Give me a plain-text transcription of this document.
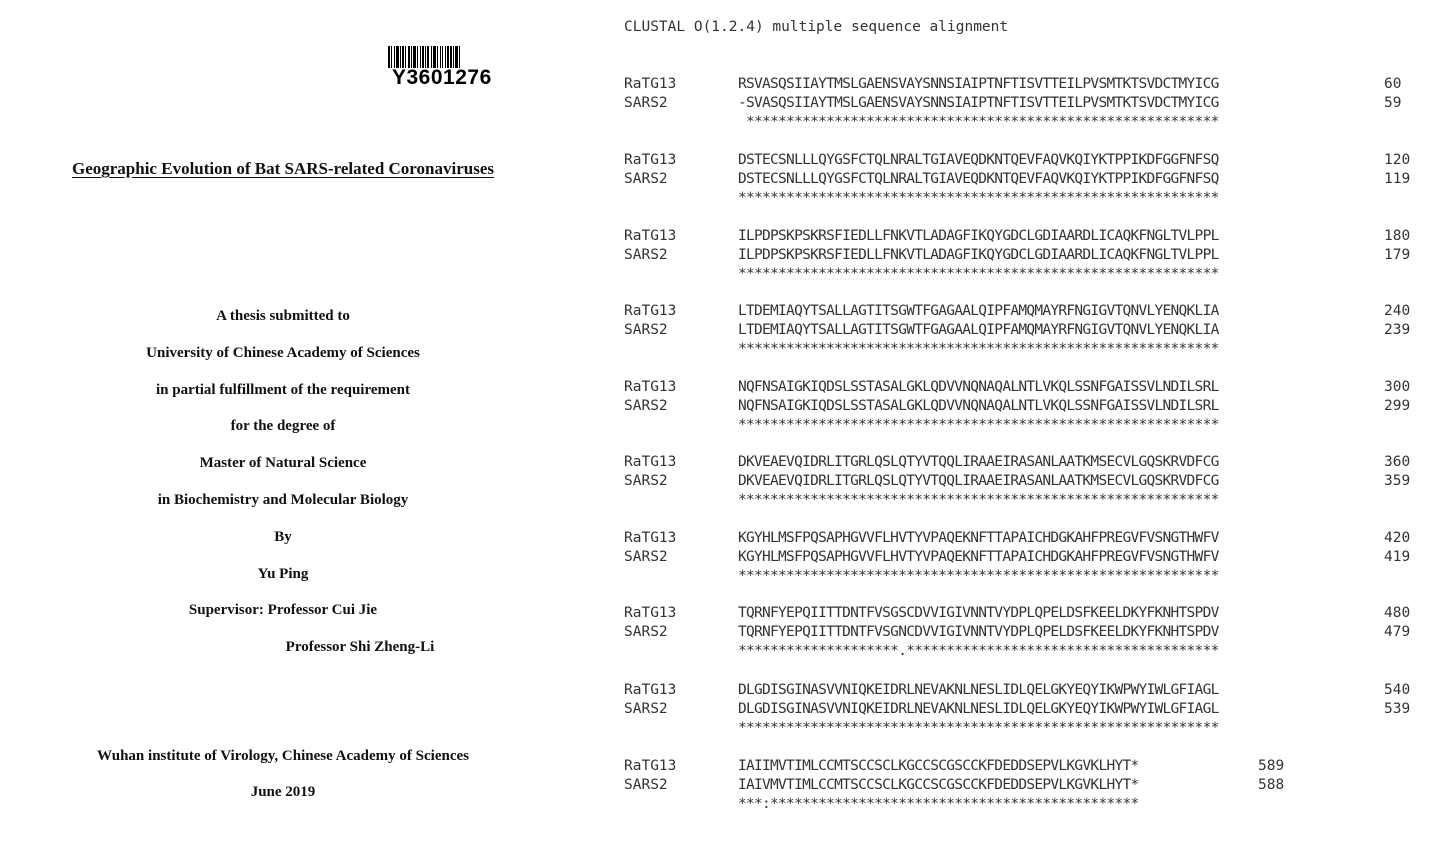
Y3601276
Geographic Evolution of Bat SARS-related Coronaviruses
A thesis submitted to
University of Chinese Academy of Sciences
in partial fulfillment of the requirement
for the degree of
Master of Natural Science
in Biochemistry and Molecular Biology
By
Yu Ping
Supervisor: Professor Cui Jie
Professor Shi Zheng-Li
Wuhan institute of Virology, Chinese Academy of Sciences
June 2019
CLUSTAL O(1.2.4) multiple sequence alignment
RaTG13	RSVASQSIIAYTMSLGAENSVAYSNNSIAIPTNFTISVTTEILPVSMTKTSVDCTMYICG	60
SARS2	-SVASQSIIAYTMSLGAENSVAYSNNSIAIPTNFTISVTTEILPVSMTKTSVDCTMYICG	59
***********************************************************
RaTG13	DSTECSNLLLQYGSFCTQLNRALTGIAVEQDKNTQEVFAQVKQIYKTPPIKDFGGFNFSQ	120
SARS2	DSTECSNLLLQYGSFCTQLNRALTGIAVEQDKNTQEVFAQVKQIYKTPPIKDFGGFNFSQ	119
************************************************************
RaTG13	ILPDPSKPSKRSFIEDLLFNKVTLADAGFIKQYGDCLGDIAARDLICAQKFNGLTVLPPL	180
SARS2	ILPDPSKPSKRSFIEDLLFNKVTLADAGFIKQYGDCLGDIAARDLICAQKFNGLTVLPPL	179
************************************************************
RaTG13	LTDEMIAQYTSALLAGTITSGWTFGAGAALQIPFAMQMAYRFNGIGVTQNVLYENQKLIA	240
SARS2	LTDEMIAQYTSALLAGTITSGWTFGAGAALQIPFAMQMAYRFNGIGVTQNVLYENQKLIA	239
************************************************************
RaTG13	NQFNSAIGKIQDSLSSTASALGKLQDVVNQNAQALNTLVKQLSSNFGAISSVLNDILSRL	300
SARS2	NQFNSAIGKIQDSLSSTASALGKLQDVVNQNAQALNTLVKQLSSNFGAISSVLNDILSRL	299
************************************************************
RaTG13	DKVEAEVQIDRLITGRLQSLQTYVTQQLIRAAEIRASANLAATKMSECVLGQSKRVDFCG	360
SARS2	DKVEAEVQIDRLITGRLQSLQTYVTQQLIRAAEIRASANLAATKMSECVLGQSKRVDFCG	359
************************************************************
RaTG13	KGYHLMSFPQSAPHGVVFLHVTYVPAQEKNFTTAPAICHDGKAHFPREGVFVSNGTHWFV	420
SARS2	KGYHLMSFPQSAPHGVVFLHVTYVPAQEKNFTTAPAICHDGKAHFPREGVFVSNGTHWFV	419
************************************************************
RaTG13	TQRNFYEPQIITTDNTFVSGSCDVVIGIVNNTVYDPLQPELDSFKEELDKYFKNHTSPDV	480
SARS2	TQRNFYEPQIITTDNTFVSGNCDVVIGIVNNTVYDPLQPELDSFKEELDKYFKNHTSPDV	479
********************.***************************************
RaTG13	DLGDISGINASVVNIQKEIDRLNEVAKNLNESLIDLQELGKYEQYIKWPWYIWLGFIAGL	540
SARS2	DLGDISGINASVVNIQKEIDRLNEVAKNLNESLIDLQELGKYEQYIKWPWYIWLGFIAGL	539
************************************************************
RaTG13	IAIIMVTIMLCCMTSCCSCLKGCCSCGSCCKFDEDDSEPVLKGVKLHYT*	589
SARS2	IAIVMVTIMLCCMTSCCSCLKGCCSCGSCCKFDEDDSEPVLKGVKLHYT*	588
***:**********************************************
